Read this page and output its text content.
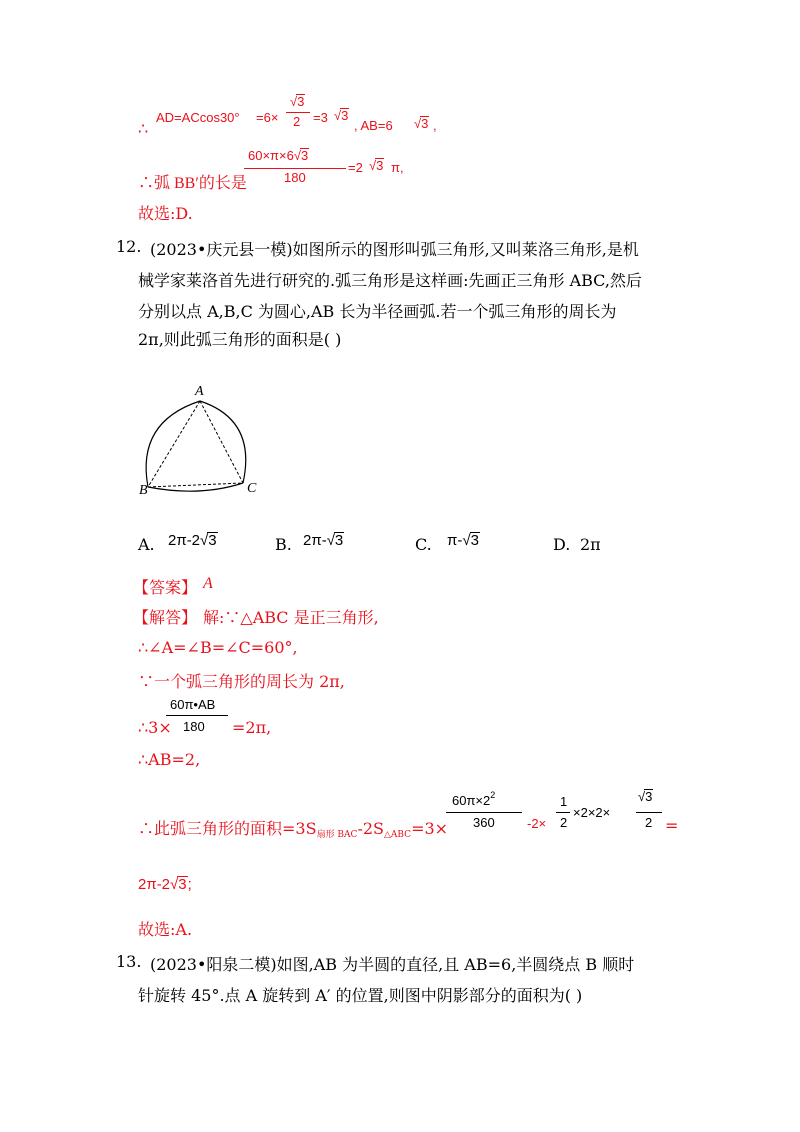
∴
AD=ACcos30° =6×
√3
2 =3 √3
, AB=6 √3 ,
∴弧 BB′的长是
60×π×6√3
180
=2 √3 π,
故选:D.
12. (2023•庆元县一模)如图所示的图形叫弧三角形,又叫莱洛三角形,是机
械学家莱洛首先进行研究的.弧三角形是这样画:先画正三角形 ABC,然后
分别以点 A,B,C 为圆心,AB 长为半径画弧.若一个弧三角形的周长为
2π,则此弧三角形的面积是( )
A
B	C
A. 2π-2√3	B. 2π-√3	C. π-√3	D. 2π
【答案】 A
【解答】 解:∵△ABC 是正三角形,
∴∠A=∠B=∠C=60°,
∵一个弧三角形的周长为 2π,
∴3×
60π•AB
180 =2π,
∴AB=2,
∴此弧三角形的面积=3S扇形 BAC-2S△ABC=3×
$60\pi\times 2^2$
360 -2×
1
2
×2×2×
√3
2 =
2π-2√3;
故选:A.
13. (2023•阳泉二模)如图,AB 为半圆的直径,且 AB=6,半圆绕点 B 顺时
针旋转 45°.点 A 旋转到 A′ 的位置,则图中阴影部分的面积为( )
